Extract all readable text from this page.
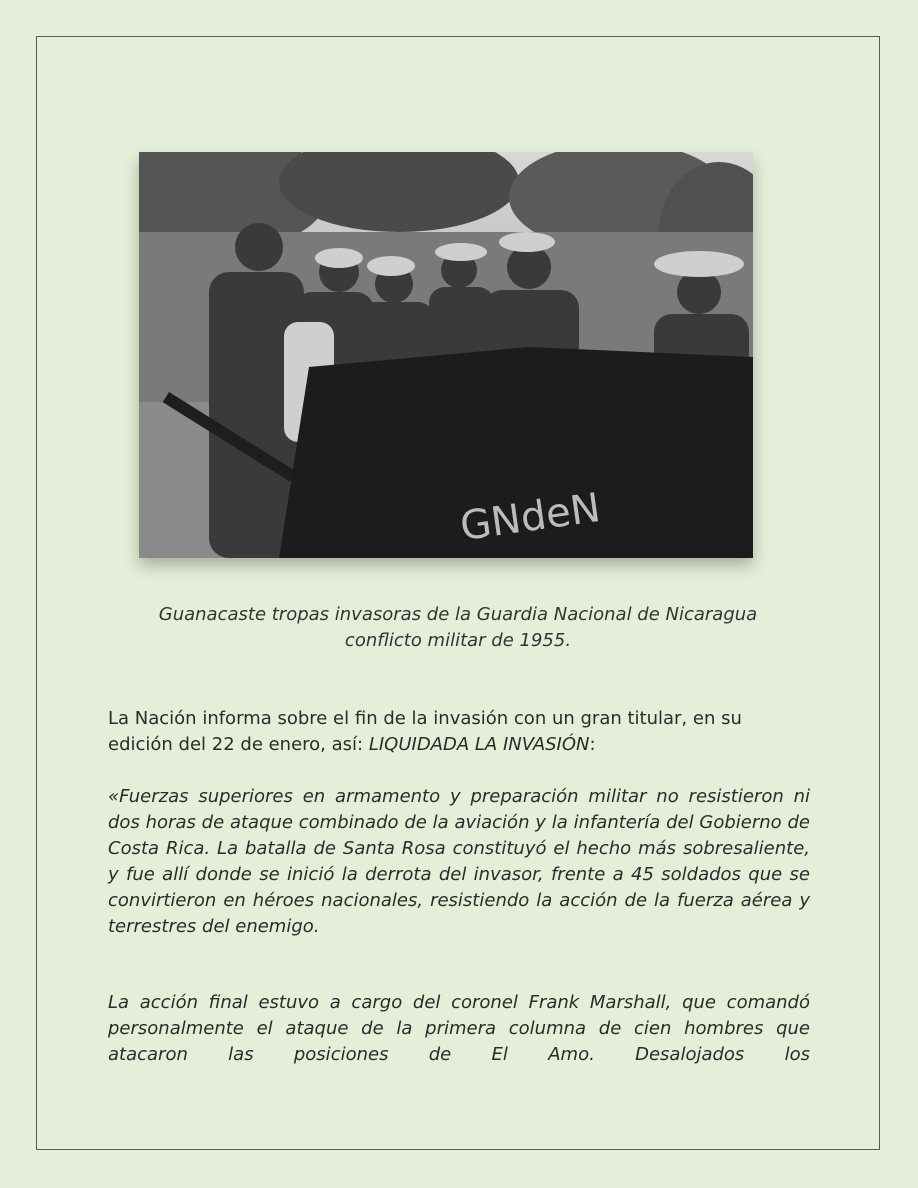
GNdeN
Guanacaste tropas invasoras de la Guardia Nacional de Nicaragua
conflicto militar de 1955.
La Nación informa sobre el fin de la invasión con un gran titular, en su edición del 22 de enero, así: LIQUIDADA LA INVASIÓN:
«Fuerzas superiores en armamento y preparación militar no resistieron ni dos horas de ataque combinado de la aviación y la infantería del Gobierno de Costa Rica. La batalla de Santa Rosa constituyó el hecho más sobresaliente, y fue allí donde se inició la derrota del invasor, frente a 45 soldados que se convirtieron en héroes nacionales, resistiendo la acción de la fuerza aérea y terrestres del enemigo.
La acción final estuvo a cargo del coronel Frank Marshall, que comandó personalmente el ataque de la primera columna de cien hombres que atacaron las posiciones de El Amo. Desalojados los
